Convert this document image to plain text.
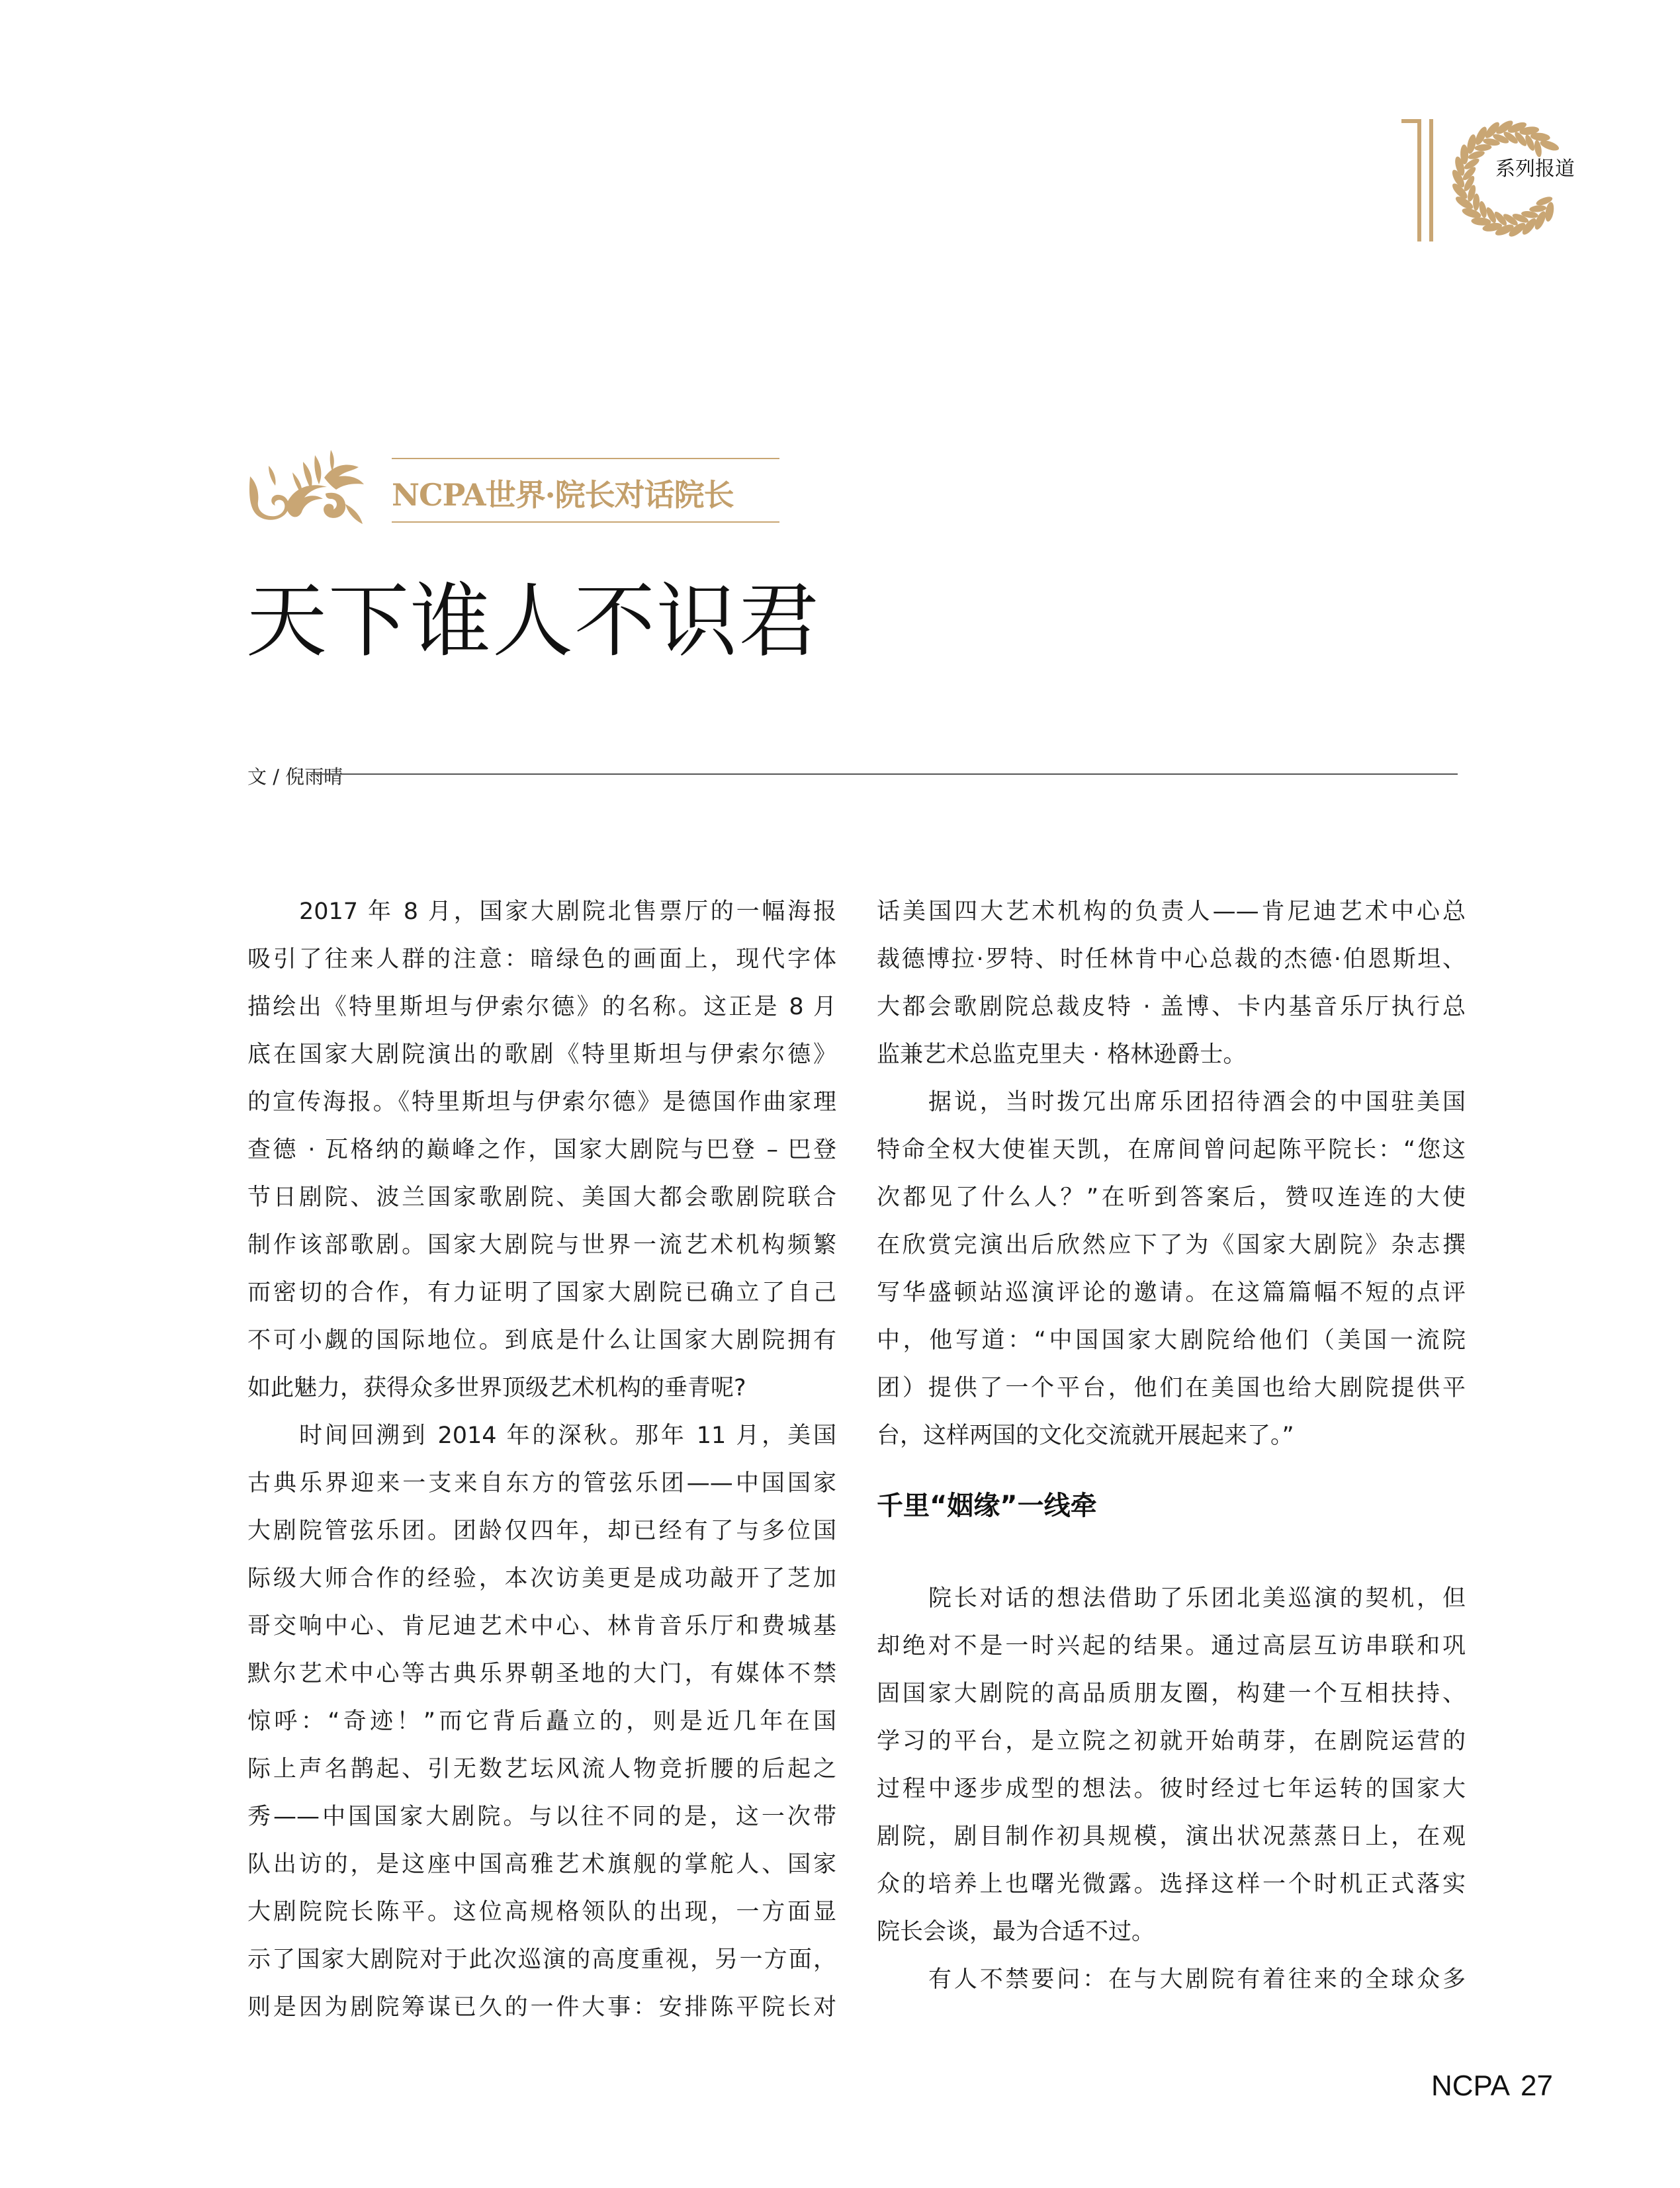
系列报道
NCPA世界·院长对话院长
天下谁人不识君
文 / 倪雨晴
2017 年 8 月，国家大剧院北售票厅的一幅海报
吸引了往来人群的注意：暗绿色的画面上，现代字体
描绘出《特里斯坦与伊索尔德》的名称。这正是 8 月
底在国家大剧院演出的歌剧《特里斯坦与伊索尔德》
的宣传海报。《特里斯坦与伊索尔德》是德国作曲家理
查德 · 瓦格纳的巅峰之作，国家大剧院与巴登 – 巴登
节日剧院、波兰国家歌剧院、美国大都会歌剧院联合
制作该部歌剧。国家大剧院与世界一流艺术机构频繁
而密切的合作，有力证明了国家大剧院已确立了自己
不可小觑的国际地位。到底是什么让国家大剧院拥有
如此魅力，获得众多世界顶级艺术机构的垂青呢?
时间回溯到 2014 年的深秋。那年 11 月，美国
古典乐界迎来一支来自东方的管弦乐团——中国国家
大剧院管弦乐团。团龄仅四年，却已经有了与多位国
际级大师合作的经验，本次访美更是成功敲开了芝加
哥交响中心、肯尼迪艺术中心、林肯音乐厅和费城基
默尔艺术中心等古典乐界朝圣地的大门，有媒体不禁
惊呼：“奇迹！”而它背后矗立的，则是近几年在国
际上声名鹊起、引无数艺坛风流人物竞折腰的后起之
秀——中国国家大剧院。与以往不同的是，这一次带
队出访的，是这座中国高雅艺术旗舰的掌舵人、国家
大剧院院长陈平。这位高规格领队的出现，一方面显
示了国家大剧院对于此次巡演的高度重视，另一方面，
则是因为剧院筹谋已久的一件大事：安排陈平院长对
话美国四大艺术机构的负责人——肯尼迪艺术中心总
裁德博拉·罗特、时任林肯中心总裁的杰德·伯恩斯坦、
大都会歌剧院总裁皮特 · 盖博、卡内基音乐厅执行总
监兼艺术总监克里夫 · 格林逊爵士。
据说，当时拨冗出席乐团招待酒会的中国驻美国
特命全权大使崔天凯，在席间曾问起陈平院长：“您这
次都见了什么人？”在听到答案后，赞叹连连的大使
在欣赏完演出后欣然应下了为《国家大剧院》杂志撰
写华盛顿站巡演评论的邀请。在这篇篇幅不短的点评
中，他写道：“中国国家大剧院给他们（美国一流院
团）提供了一个平台，他们在美国也给大剧院提供平
台，这样两国的文化交流就开展起来了。”
千里“姻缘”一线牵
院长对话的想法借助了乐团北美巡演的契机，但
却绝对不是一时兴起的结果。通过高层互访串联和巩
固国家大剧院的高品质朋友圈，构建一个互相扶持、
学习的平台，是立院之初就开始萌芽，在剧院运营的
过程中逐步成型的想法。彼时经过七年运转的国家大
剧院，剧目制作初具规模，演出状况蒸蒸日上，在观
众的培养上也曙光微露。选择这样一个时机正式落实
院长会谈，最为合适不过。
有人不禁要问：在与大剧院有着往来的全球众多
NCPA 27
